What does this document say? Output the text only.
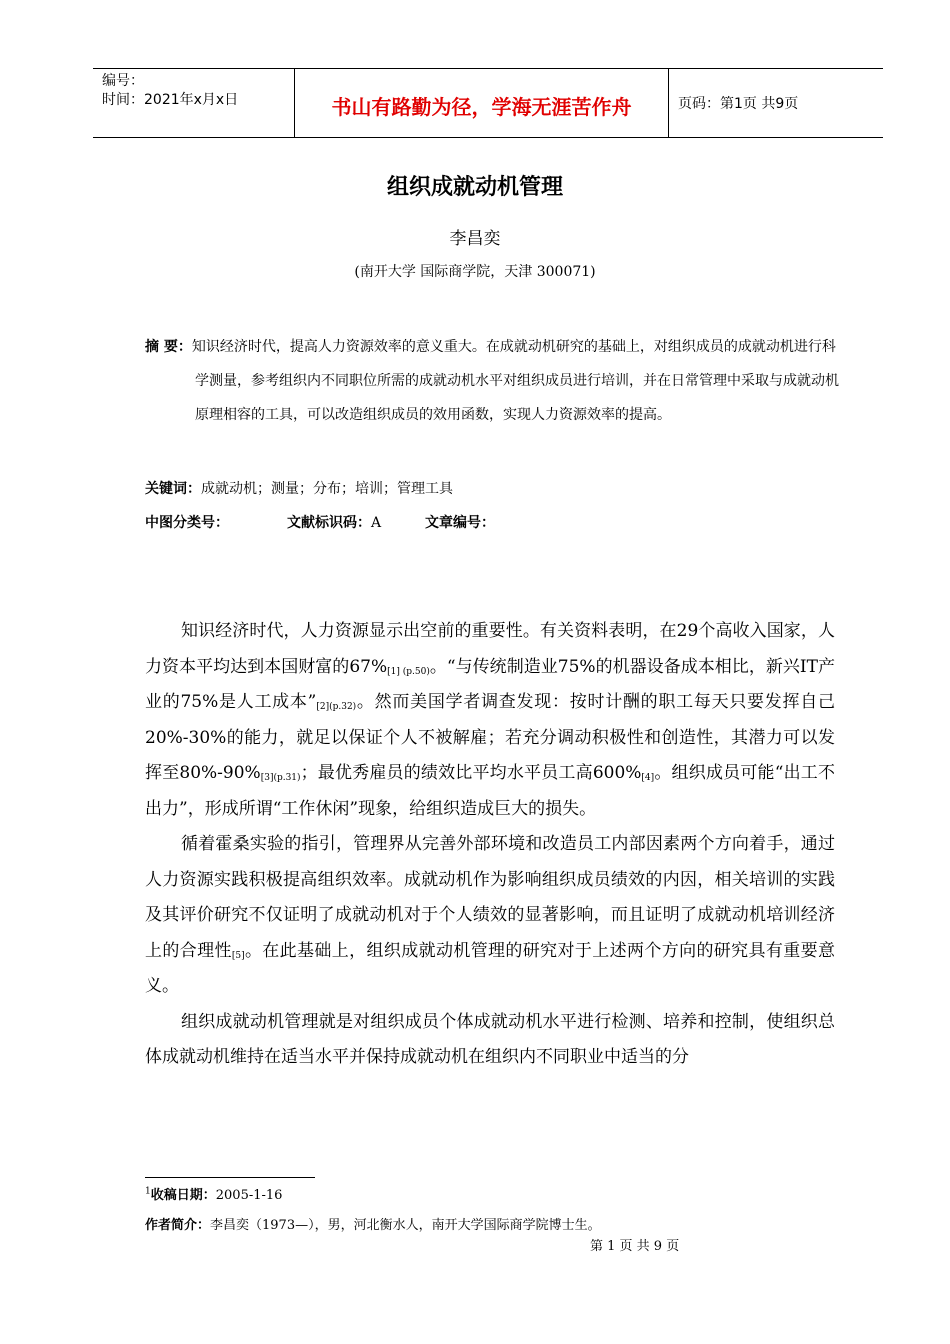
编号：
时间：2021年x月x日	书山有路勤为径，学海无涯苦作舟	页码：第1页 共9页
组织成就动机管理
李昌奕
(南开大学 国际商学院，天津 300071)
摘 要：知识经济时代，提高人力资源效率的意义重大。在成就动机研究的基础上，对组织成员的成就动机进行科学测量，参考组织内不同职位所需的成就动机水平对组织成员进行培训，并在日常管理中采取与成就动机原理相容的工具，可以改造组织成员的效用函数，实现人力资源效率的提高。
关键词：成就动机；测量；分布；培训；管理工具
中图分类号：	文献标识码：A	文章编号：

知识经济时代，人力资源显示出空前的重要性。有关资料表明，在29个高收入国家，人力资本平均达到本国财富的$67\%_{[1] (p.50)}$。“与传统制造业75%的机器设备成本相比，新兴IT产业的75%是人工成本$”_{[2](p.32)}$。然而美国学者调查发现：按时计酬的职工每天只要发挥自己20%-30%的能力，就足以保证个人不被解雇；若充分调动积极性和创造性，其潜力可以发挥至$80\%-90\%_{[3](p.31)}$；最优秀雇员的绩效比平均水平员工高$600\%_{[4]}$。组织成员可能“出工不出力”，形成所谓“工作休闲”现象，给组织造成巨大的损失。

循着霍桑实验的指引，管理界从完善外部环境和改造员工内部因素两个方向着手，通过人力资源实践积极提高组织效率。成就动机作为影响组织成员绩效的内因，相关培训的实践及其评价研究不仅证明了成就动机对于个人绩效的显著影响，而且证明了成就动机培训经济上的合理性$_{[5]}$。在此基础上，组织成就动机管理的研究对于上述两个方向的研究具有重要意义。

组织成就动机管理就是对组织成员个体成就动机水平进行检测、培养和控制，使组织总体成就动机维持在适当水平并保持成就动机在组织内不同职业中适当的分

$^1$收稿日期：2005-1-16
作者简介：李昌奕（1973—），男，河北衡水人，南开大学国际商学院博士生。
第 1 页 共 9 页
